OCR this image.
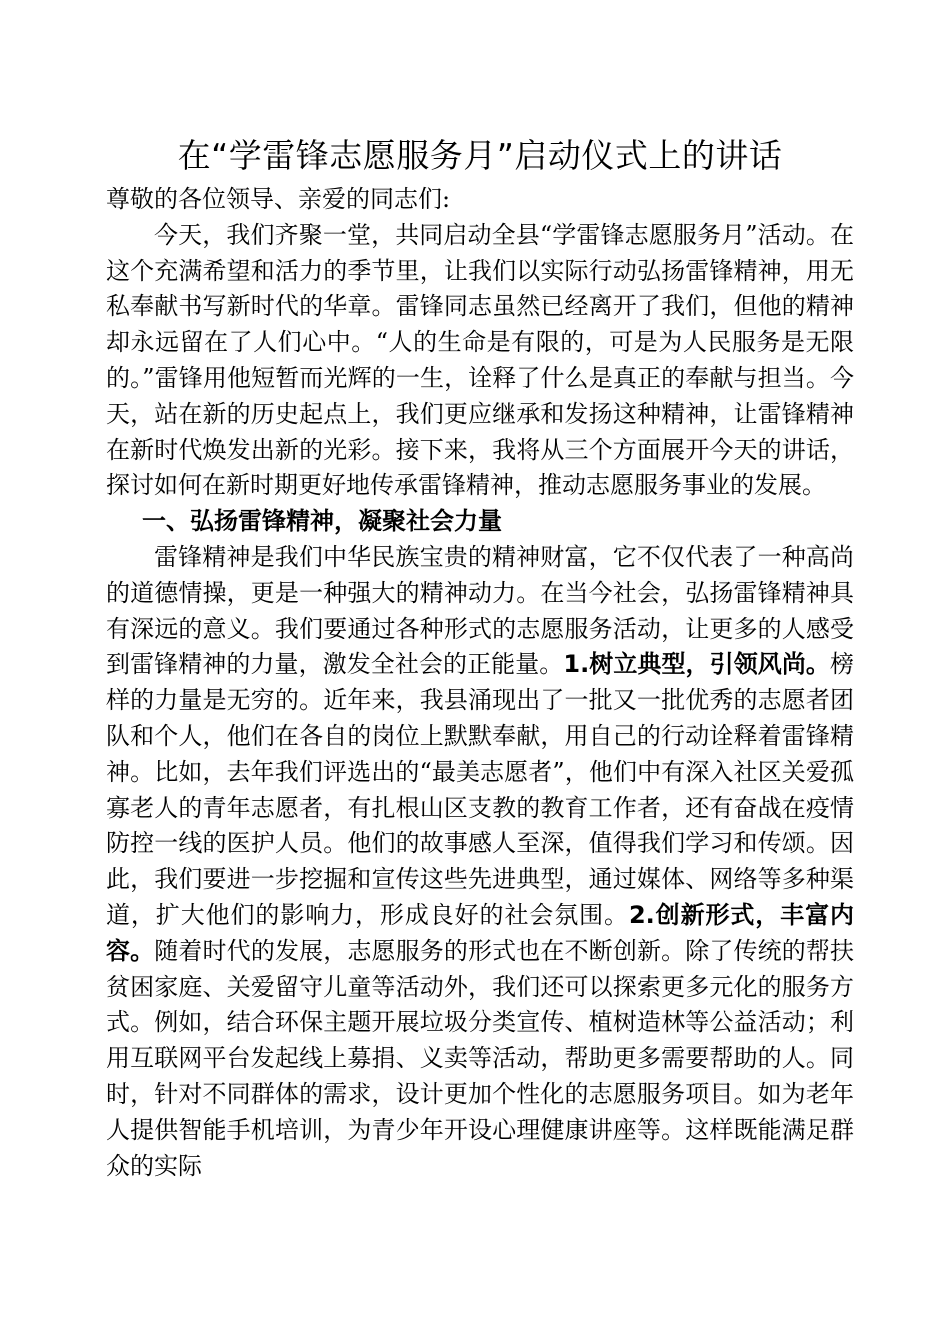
在“学雷锋志愿服务月”启动仪式上的讲话

尊敬的各位领导、亲爱的同志们:

今天，我们齐聚一堂，共同启动全县“学雷锋志愿服务月”活动。在这个充满希望和活力的季节里，让我们以实际行动弘扬雷锋精神，用无私奉献书写新时代的华章。雷锋同志虽然已经离开了我们，但他的精神却永远留在了人们心中。“人的生命是有限的，可是为人民服务是无限的。”雷锋用他短暂而光辉的一生，诠释了什么是真正的奉献与担当。今天，站在新的历史起点上，我们更应继承和发扬这种精神，让雷锋精神在新时代焕发出新的光彩。接下来，我将从三个方面展开今天的讲话，探讨如何在新时期更好地传承雷锋精神，推动志愿服务事业的发展。

一、弘扬雷锋精神，凝聚社会力量

雷锋精神是我们中华民族宝贵的精神财富，它不仅代表了一种高尚的道德情操，更是一种强大的精神动力。在当今社会，弘扬雷锋精神具有深远的意义。我们要通过各种形式的志愿服务活动，让更多的人感受到雷锋精神的力量，激发全社会的正能量。1.树立典型，引领风尚。榜样的力量是无穷的。近年来，我县涌现出了一批又一批优秀的志愿者团队和个人，他们在各自的岗位上默默奉献，用自己的行动诠释着雷锋精神。比如，去年我们评选出的“最美志愿者”，他们中有深入社区关爱孤寡老人的青年志愿者，有扎根山区支教的教育工作者，还有奋战在疫情防控一线的医护人员。他们的故事感人至深，值得我们学习和传颂。因此，我们要进一步挖掘和宣传这些先进典型，通过媒体、网络等多种渠道，扩大他们的影响力，形成良好的社会氛围。2.创新形式，丰富内容。随着时代的发展，志愿服务的形式也在不断创新。除了传统的帮扶贫困家庭、关爱留守儿童等活动外，我们还可以探索更多元化的服务方式。例如，结合环保主题开展垃圾分类宣传、植树造林等公益活动；利用互联网平台发起线上募捐、义卖等活动，帮助更多需要帮助的人。同时，针对不同群体的需求，设计更加个性化的志愿服务项目。如为老年人提供智能手机培训，为青少年开设心理健康讲座等。这样既能满足群众的实际
